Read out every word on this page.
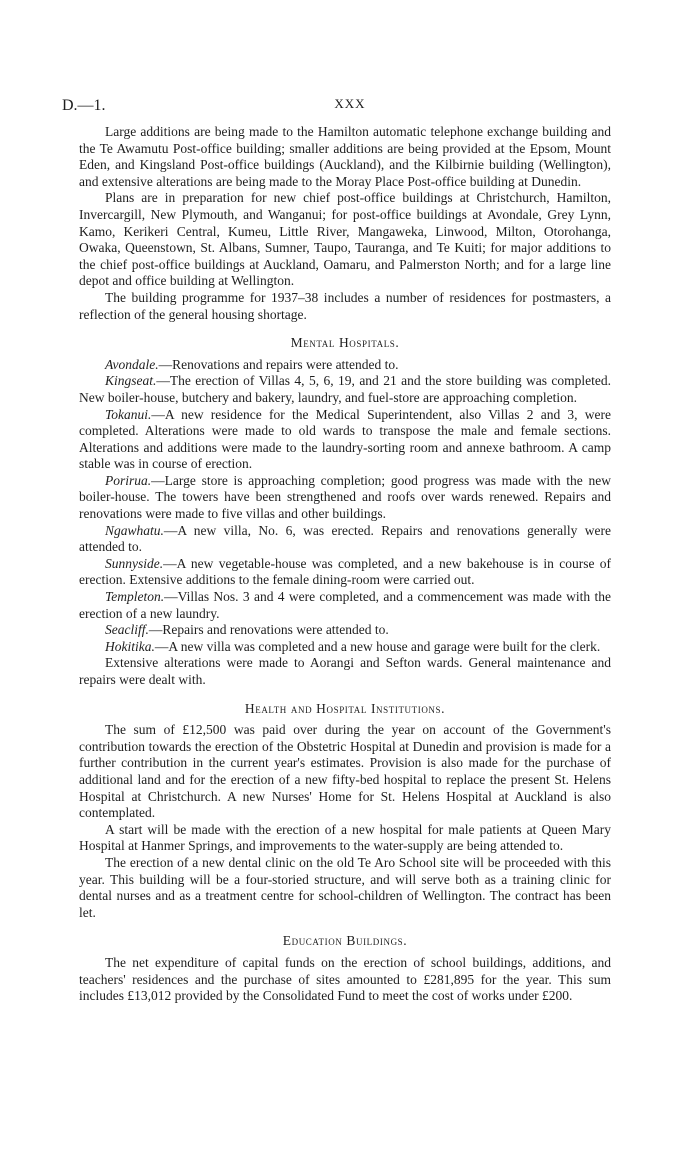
D.—1.	XXX

Large additions are being made to the Hamilton automatic telephone exchange building and the Te Awamutu Post-office building; smaller additions are being provided at the Epsom, Mount Eden, and Kingsland Post-office buildings (Auckland), and the Kilbirnie building (Wellington), and extensive alterations are being made to the Moray Place Post-office building at Dunedin.

Plans are in preparation for new chief post-office buildings at Christchurch, Hamilton, Invercargill, New Plymouth, and Wanganui; for post-office buildings at Avondale, Grey Lynn, Kamo, Kerikeri Central, Kumeu, Little River, Mangaweka, Linwood, Milton, Otorohanga, Owaka, Queenstown, St. Albans, Sumner, Taupo, Tauranga, and Te Kuiti; for major additions to the chief post-office buildings at Auckland, Oamaru, and Palmerston North; and for a large line depot and office building at Wellington.

The building programme for 1937–38 includes a number of residences for postmasters, a reflection of the general housing shortage.

Mental Hospitals.

Avondale.—Renovations and repairs were attended to.

Kingseat.—The erection of Villas 4, 5, 6, 19, and 21 and the store building was completed. New boiler-house, butchery and bakery, laundry, and fuel-store are approaching completion.

Tokanui.—A new residence for the Medical Superintendent, also Villas 2 and 3, were completed. Alterations were made to old wards to transpose the male and female sections. Alterations and additions were made to the laundry-sorting room and annexe bathroom. A camp stable was in course of erection.

Porirua.—Large store is approaching completion; good progress was made with the new boiler-house. The towers have been strengthened and roofs over wards renewed. Repairs and renovations were made to five villas and other buildings.

Ngawhatu.—A new villa, No. 6, was erected. Repairs and renovations generally were attended to.

Sunnyside.—A new vegetable-house was completed, and a new bakehouse is in course of erection. Extensive additions to the female dining-room were carried out.

Templeton.—Villas Nos. 3 and 4 were completed, and a commencement was made with the erection of a new laundry.

Seacliff.—Repairs and renovations were attended to.

Hokitika.—A new villa was completed and a new house and garage were built for the clerk.

Extensive alterations were made to Aorangi and Sefton wards. General maintenance and repairs were dealt with.

Health and Hospital Institutions.

The sum of £12,500 was paid over during the year on account of the Government's contribution towards the erection of the Obstetric Hospital at Dunedin and provision is made for a further contribution in the current year's estimates. Provision is also made for the purchase of additional land and for the erection of a new fifty-bed hospital to replace the present St. Helens Hospital at Christchurch. A new Nurses' Home for St. Helens Hospital at Auckland is also contemplated.

A start will be made with the erection of a new hospital for male patients at Queen Mary Hospital at Hanmer Springs, and improvements to the water-supply are being attended to.

The erection of a new dental clinic on the old Te Aro School site will be proceeded with this year. This building will be a four-storied structure, and will serve both as a training clinic for dental nurses and as a treatment centre for school-children of Wellington. The contract has been let.

Education Buildings.

The net expenditure of capital funds on the erection of school buildings, additions, and teachers' residences and the purchase of sites amounted to £281,895 for the year. This sum includes £13,012 provided by the Consolidated Fund to meet the cost of works under £200.
